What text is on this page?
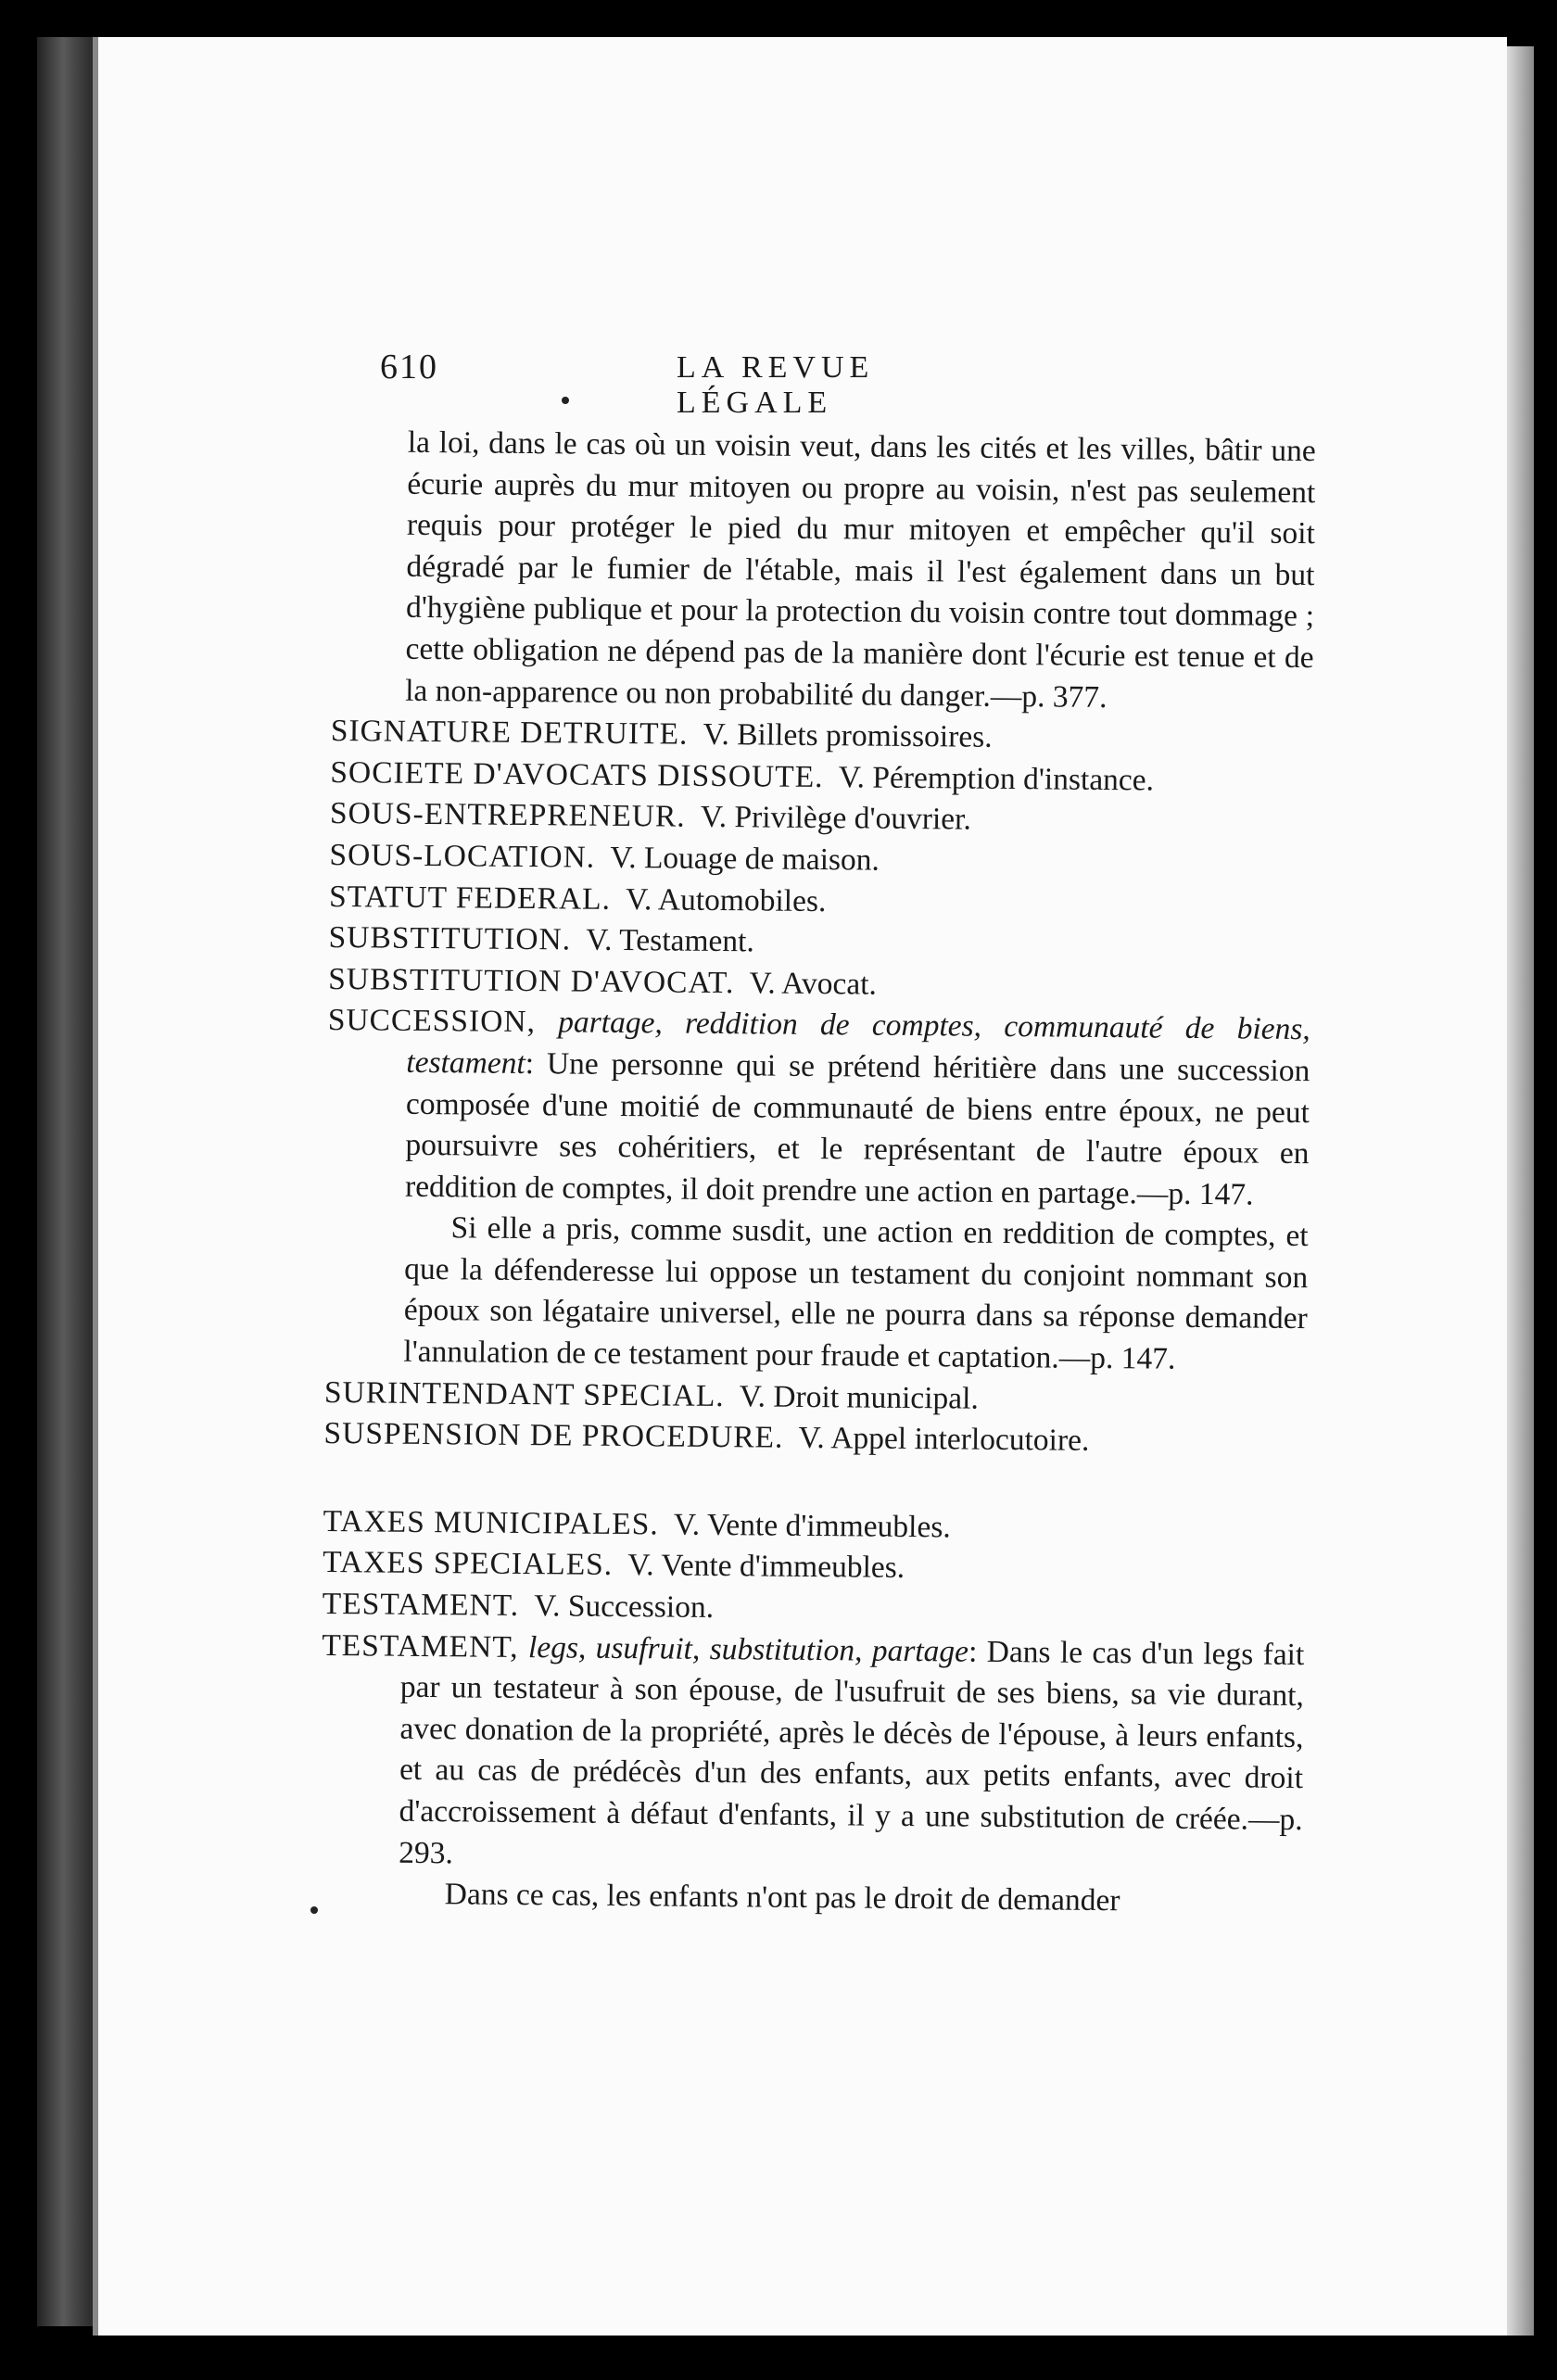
610	LA REVUE LÉGALE
la loi, dans le cas où un voisin veut, dans les cités et les villes, bâtir une écurie auprès du mur mitoyen ou propre au voisin, n'est pas seulement requis pour protéger le pied du mur mitoyen et empêcher qu'il soit dégradé par le fumier de l'étable, mais il l'est également dans un but d'hygiène publique et pour la protection du voisin contre tout dommage ; cette obligation ne dépend pas de la manière dont l'écurie est tenue et de la non-apparence ou non probabilité du danger.—p. 377.
SIGNATURE DETRUITE. V. Billets promissoires.
SOCIETE D'AVOCATS DISSOUTE. V. Péremption d'instance.
SOUS-ENTREPRENEUR. V. Privilège d'ouvrier.
SOUS-LOCATION. V. Louage de maison.
STATUT FEDERAL. V. Automobiles.
SUBSTITUTION. V. Testament.
SUBSTITUTION D'AVOCAT. V. Avocat.
SUCCESSION, partage, reddition de comptes, communauté de biens, testament: Une personne qui se prétend héritière dans une succession composée d'une moitié de communauté de biens entre époux, ne peut poursuivre ses cohéritiers, et le représentant de l'autre époux en reddition de comptes, il doit prendre une action en partage.—p. 147.
Si elle a pris, comme susdit, une action en reddition de comptes, et que la défenderesse lui oppose un testament du conjoint nommant son époux son légataire universel, elle ne pourra dans sa réponse demander l'annulation de ce testament pour fraude et captation.—p. 147.
SURINTENDANT SPECIAL. V. Droit municipal.
SUSPENSION DE PROCEDURE. V. Appel interlocutoire.
TAXES MUNICIPALES. V. Vente d'immeubles.
TAXES SPECIALES. V. Vente d'immeubles.
TESTAMENT. V. Succession.
TESTAMENT, legs, usufruit, substitution, partage: Dans le cas d'un legs fait par un testateur à son épouse, de l'usufruit de ses biens, sa vie durant, avec donation de la propriété, après le décès de l'épouse, à leurs enfants, et au cas de prédécès d'un des enfants, aux petits enfants, avec droit d'accroissement à défaut d'enfants, il y a une substitution de créée.—p. 293.
Dans ce cas, les enfants n'ont pas le droit de demander
